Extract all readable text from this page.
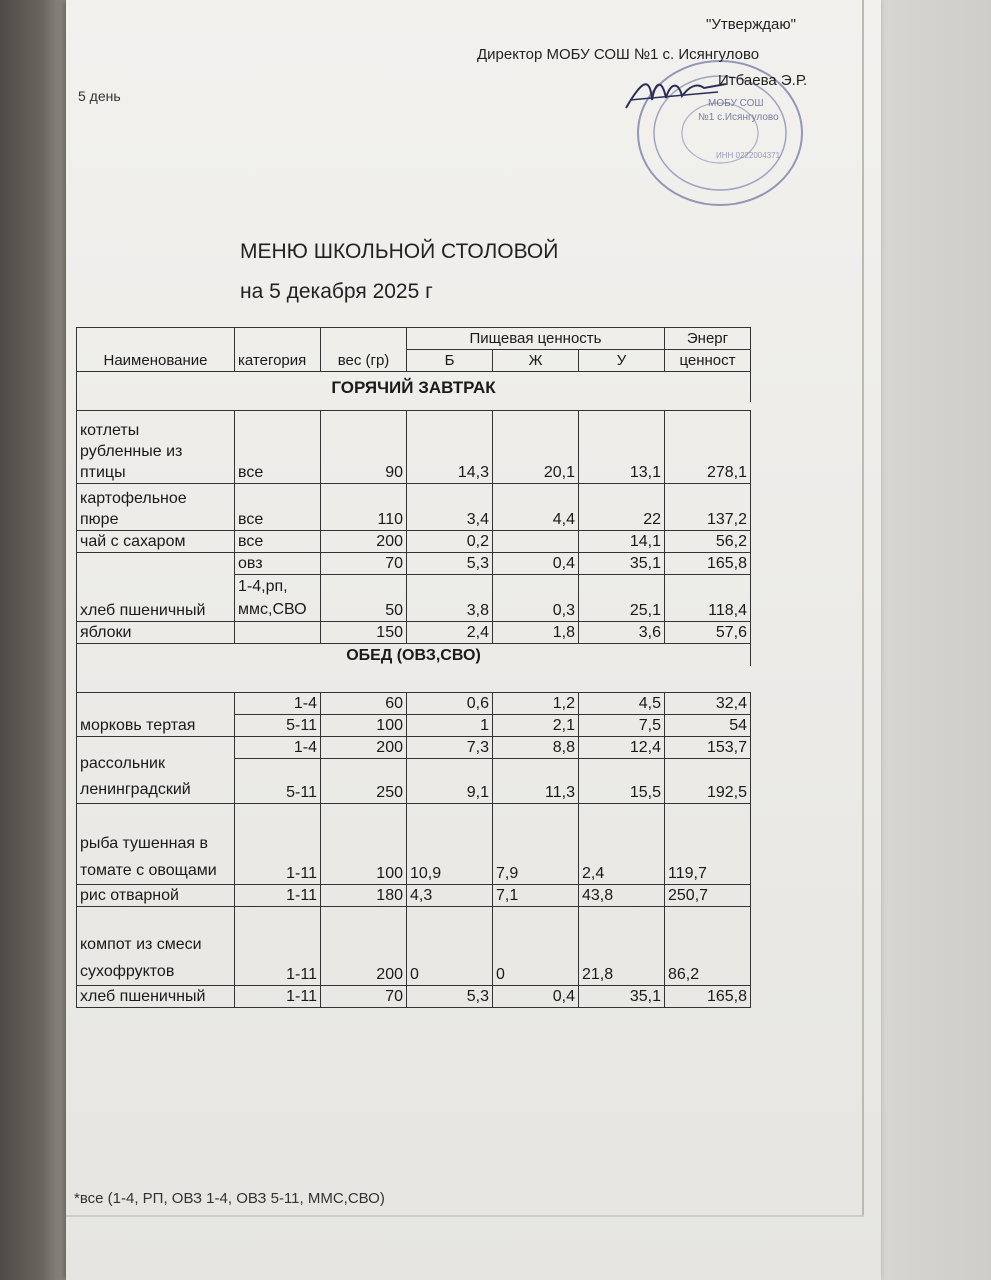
МОБУ СОШ
№1 с.Исянгулово
ИНН 0222004371
"Утверждаю"
Директор МОБУ СОШ №1 с. Исянгулово
Итбаева Э.Р.
5 день
МЕНЮ ШКОЛЬНОЙ СТОЛОВОЙ
на 5 декабря 2025 г
Наименование	категория	вес (гр)	Пищевая ценность			Энерг
			Б	Ж	У	ценност
ГОРЯЧИЙ ЗАВТРАК						

котлеты
рубленные из
птицы	все	90	14,3	20,1	13,1	278,1

картофельное
пюре	все	110	3,4	4,4	22	137,2
чай с сахаром	все	200	0,2		14,1	56,2
хлеб пшеничный	овз	70	5,3	0,4	35,1	165,8
	1-4,рп, ммс,СВО	50	3,8	0,3	25,1	118,4
яблоки		150	2,4	1,8	3,6	57,6
ОБЕД (ОВЗ,СВО)						

морковь тертая	1-4	60	0,6	1,2	4,5	32,4
	5-11	100	1	2,1	7,5	54
рассольник ленинградский	1-4	200	7,3	8,8	12,4	153,7
	5-11	250	9,1	11,3	15,5	192,5
рыба тушенная в томате с овощами	1-11	100	10,9	7,9	2,4	119,7
рис отварной	1-11	180	4,3	7,1	43,8	250,7
компот из смеси сухофруктов	1-11	200	0	0	21,8	86,2
хлеб пшеничный	1-11	70	5,3	0,4	35,1	165,8
*все (1-4, РП, ОВЗ 1-4, ОВЗ 5-11, ММС,СВО)
